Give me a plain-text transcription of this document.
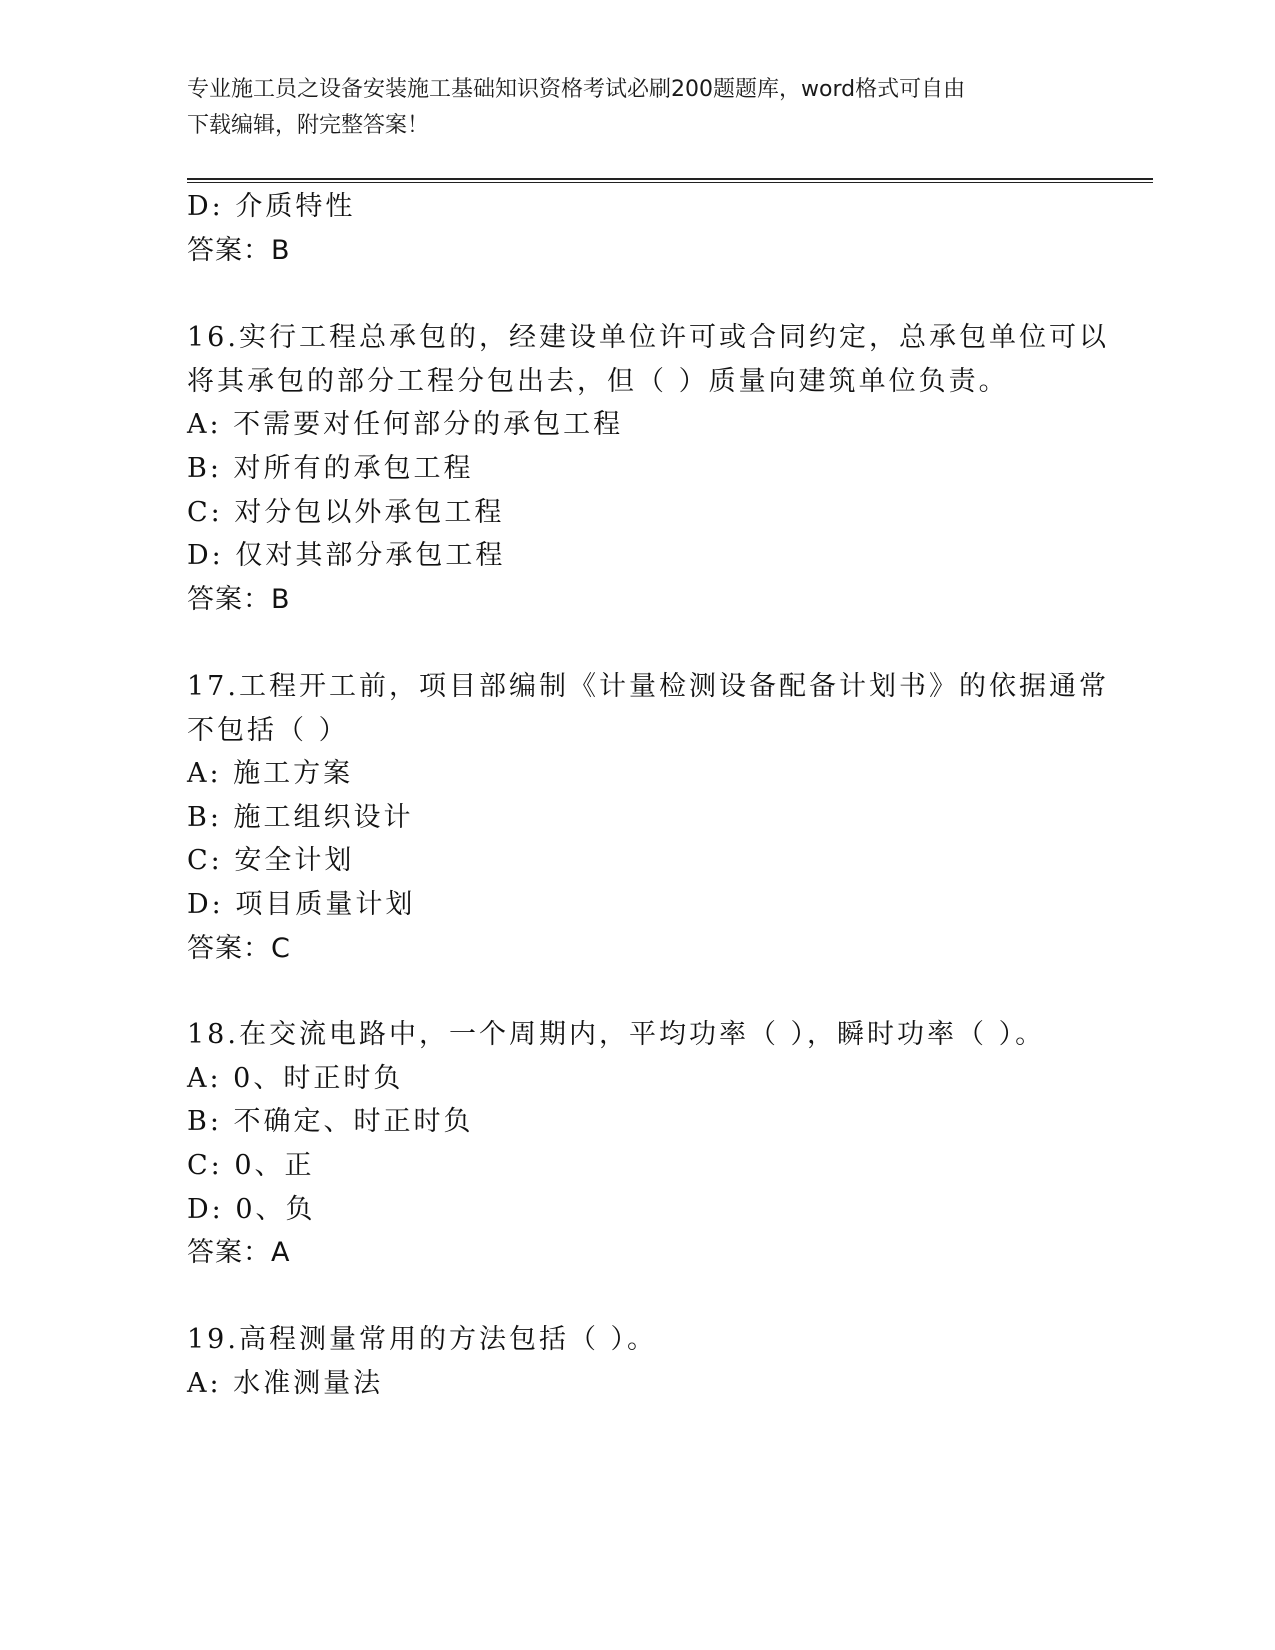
专业施工员之设备安装施工基础知识资格考试必刷200题题库，word格式可自由
下载编辑，附完整答案！
D: 介质特性
答案：B
16.实行工程总承包的，经建设单位许可或合同约定，总承包单位可以
将其承包的部分工程分包出去，但（ ）质量向建筑单位负责。
A: 不需要对任何部分的承包工程
B: 对所有的承包工程
C: 对分包以外承包工程
D: 仅对其部分承包工程
答案：B
17.工程开工前，项目部编制《计量检测设备配备计划书》的依据通常
不包括（ ）
A: 施工方案
B: 施工组织设计
C: 安全计划
D: 项目质量计划
答案：C
18.在交流电路中，一个周期内，平均功率（ ），瞬时功率（ ）。
A: 0、时正时负
B: 不确定、时正时负
C: 0、正
D: 0、负
答案：A
19.高程测量常用的方法包括（ ）。
A: 水准测量法
